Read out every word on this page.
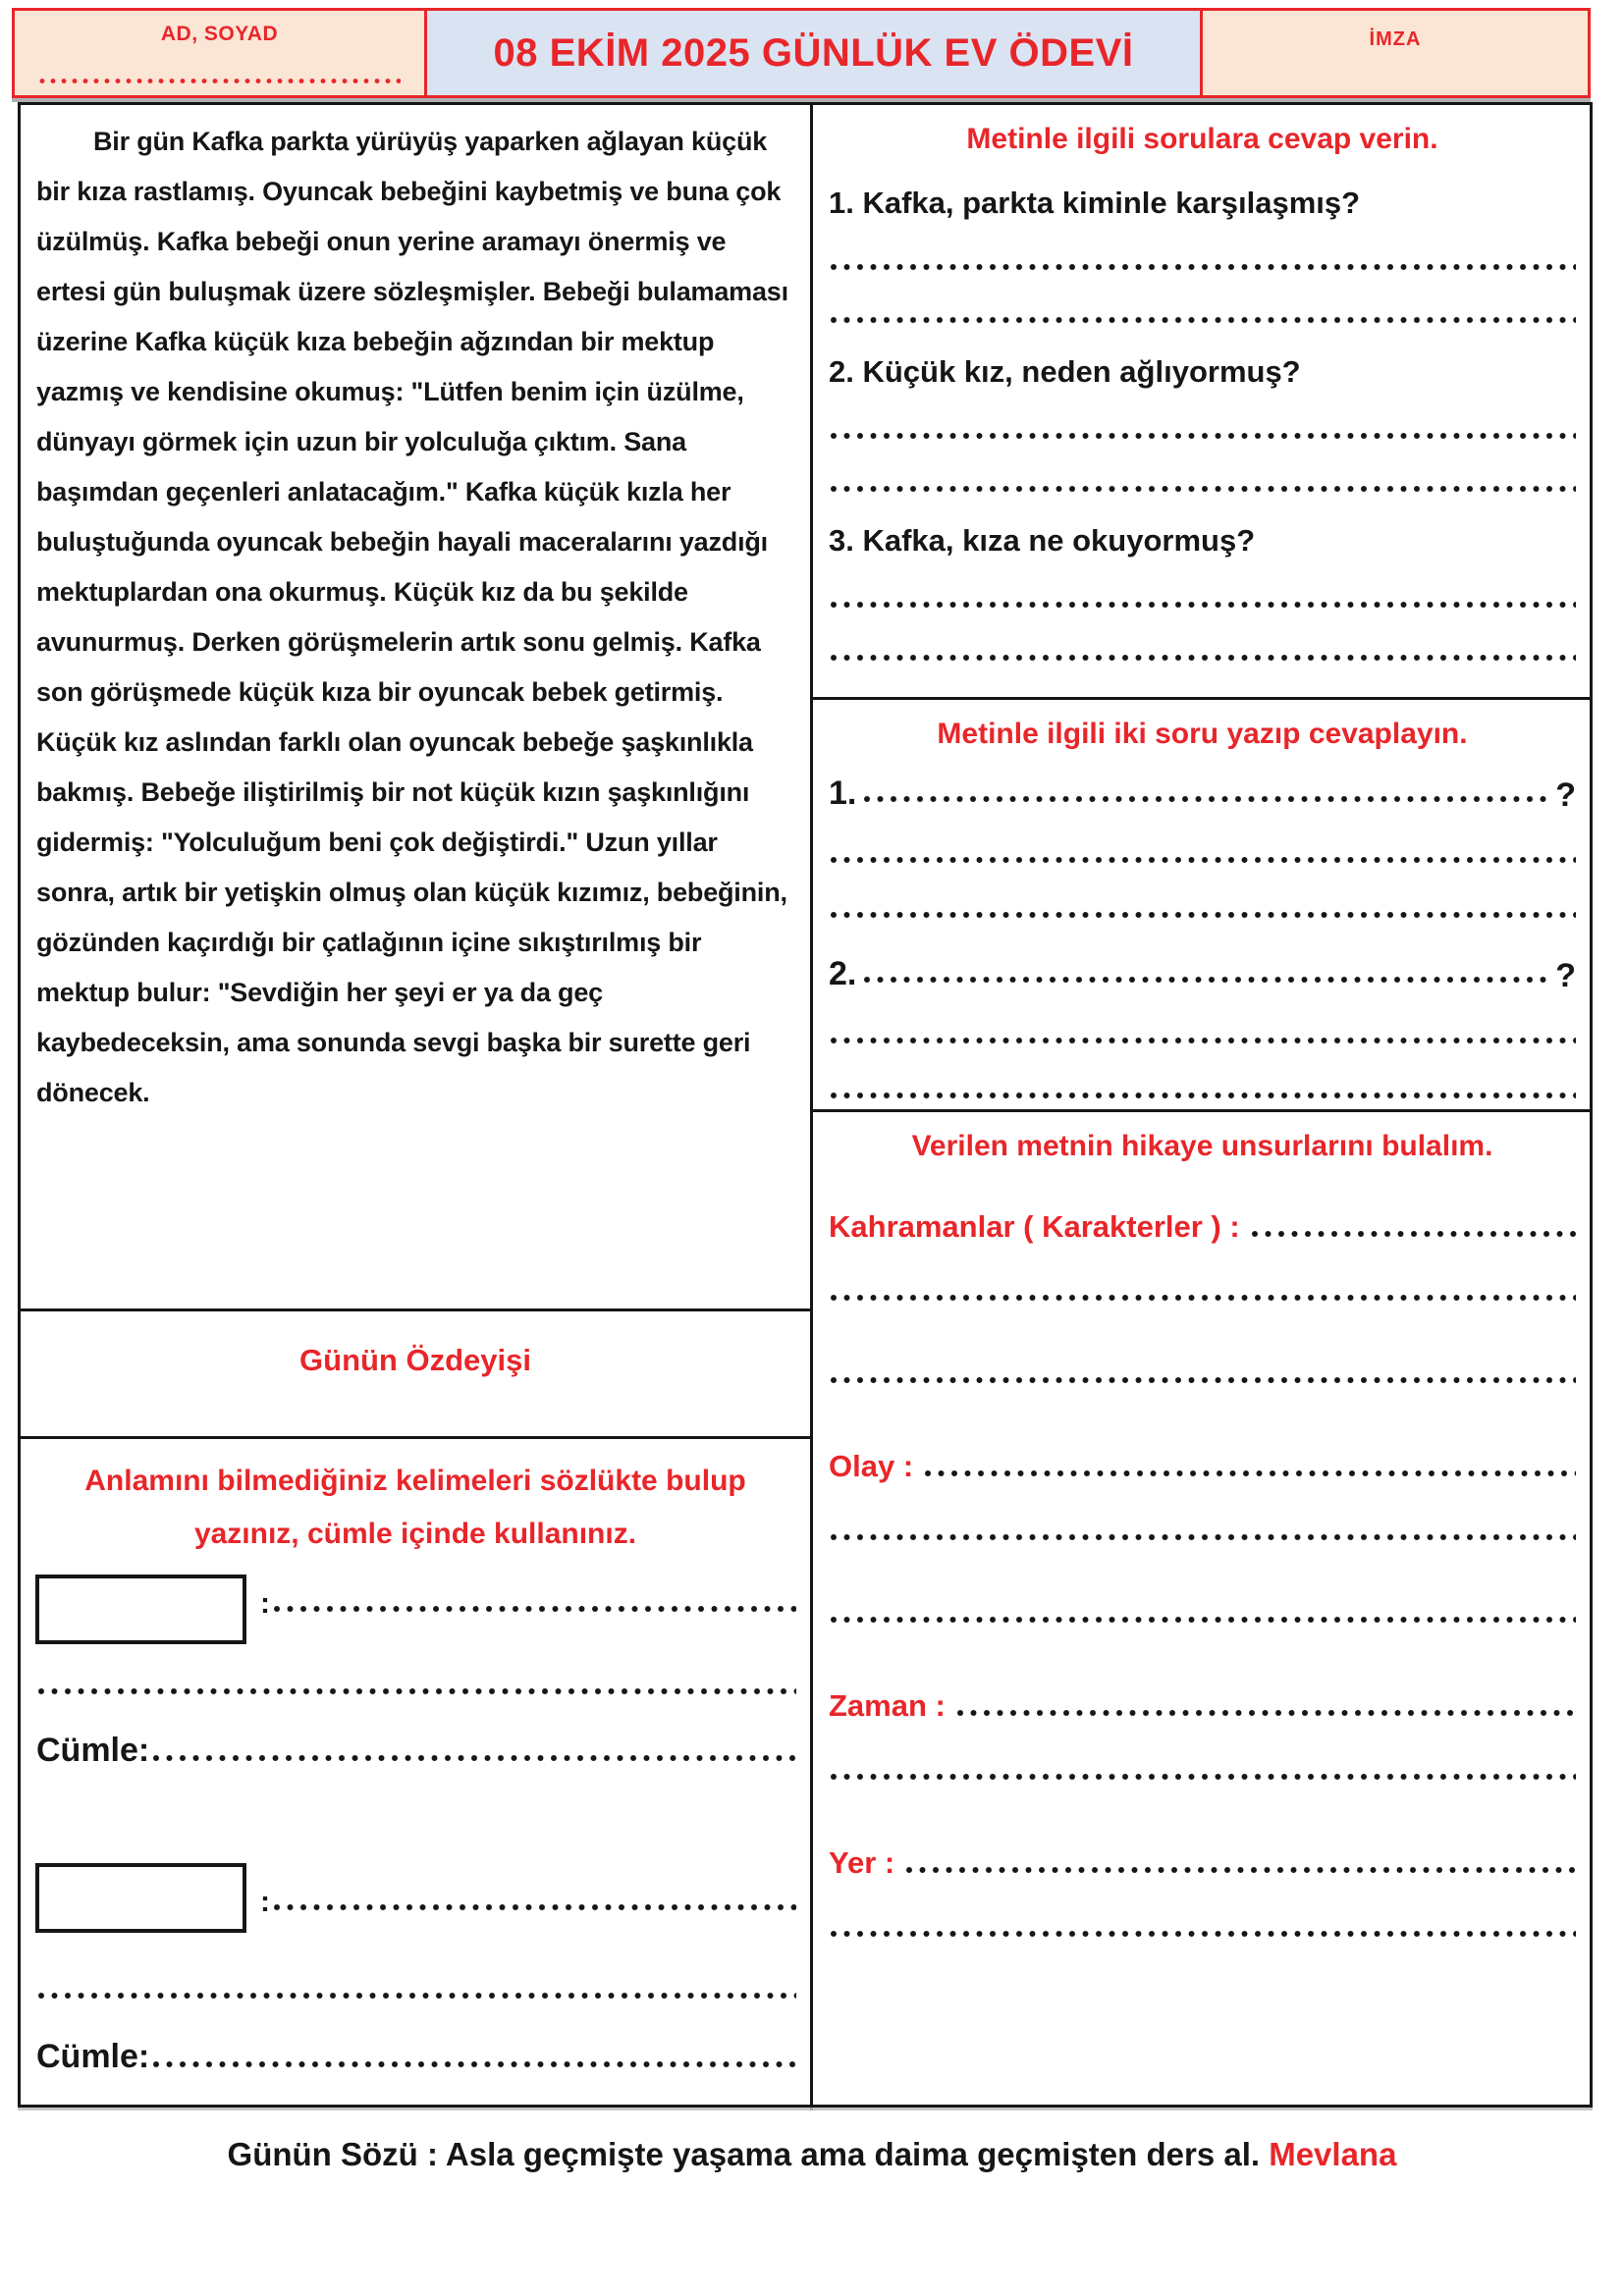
AD, SOYAD	08 EKİM 2025 GÜNLÜK EV ÖDEVİ	İMZA

Bir gün Kafka parkta yürüyüş yaparken ağlayan küçük bir kıza rastlamış. Oyuncak bebeğini kaybetmiş ve buna çok üzülmüş. Kafka bebeği onun yerine aramayı önermiş ve ertesi gün buluşmak üzere sözleşmişler. Bebeği bulamaması üzerine Kafka küçük kıza bebeğin ağzından bir mektup yazmış ve kendisine okumuş: "Lütfen benim için üzülme, dünyayı görmek için uzun bir yolculuğa çıktım. Sana başımdan geçenleri anlatacağım." Kafka küçük kızla her buluştuğunda oyuncak bebeğin hayali maceralarını yazdığı mektuplardan ona okurmuş. Küçük kız da bu şekilde avunurmuş. Derken görüşmelerin artık sonu gelmiş. Kafka son görüşmede küçük kıza bir oyuncak bebek getirmiş. Küçük kız aslından farklı olan oyuncak bebeğe şaşkınlıkla bakmış. Bebeğe iliştirilmiş bir not küçük kızın şaşkınlığını gidermiş: "Yolculuğum beni çok değiştirdi." Uzun yıllar sonra, artık bir yetişkin olmuş olan küçük kızımız, bebeğinin, gözünden kaçırdığı bir çatlağının içine sıkıştırılmış bir mektup bulur: "Sevdiğin her şeyi er ya da geç kaybedeceksin, ama sonunda sevgi başka bir surette geri dönecek.

Günün Özdeyişi
Anlamını bilmediğiniz kelimeleri sözlükte bulup
yazınız, cümle içinde kullanınız.
:
Cümle:
:
Cümle:
Metinle ilgili sorulara cevap verin.
1. Kafka, parkta kiminle karşılaşmış?
2. Küçük kız, neden ağlıyormuş?
3. Kafka, kıza ne okuyormuş?
Metinle ilgili iki soru yazıp cevaplayın.
1.	?
2.	?
Verilen metnin hikaye unsurlarını bulalım.
Kahramanlar ( Karakterler ) :
Olay :
Zaman :
Yer :
Günün Sözü : Asla geçmişte yaşama ama daima geçmişten ders al. Mevlana
